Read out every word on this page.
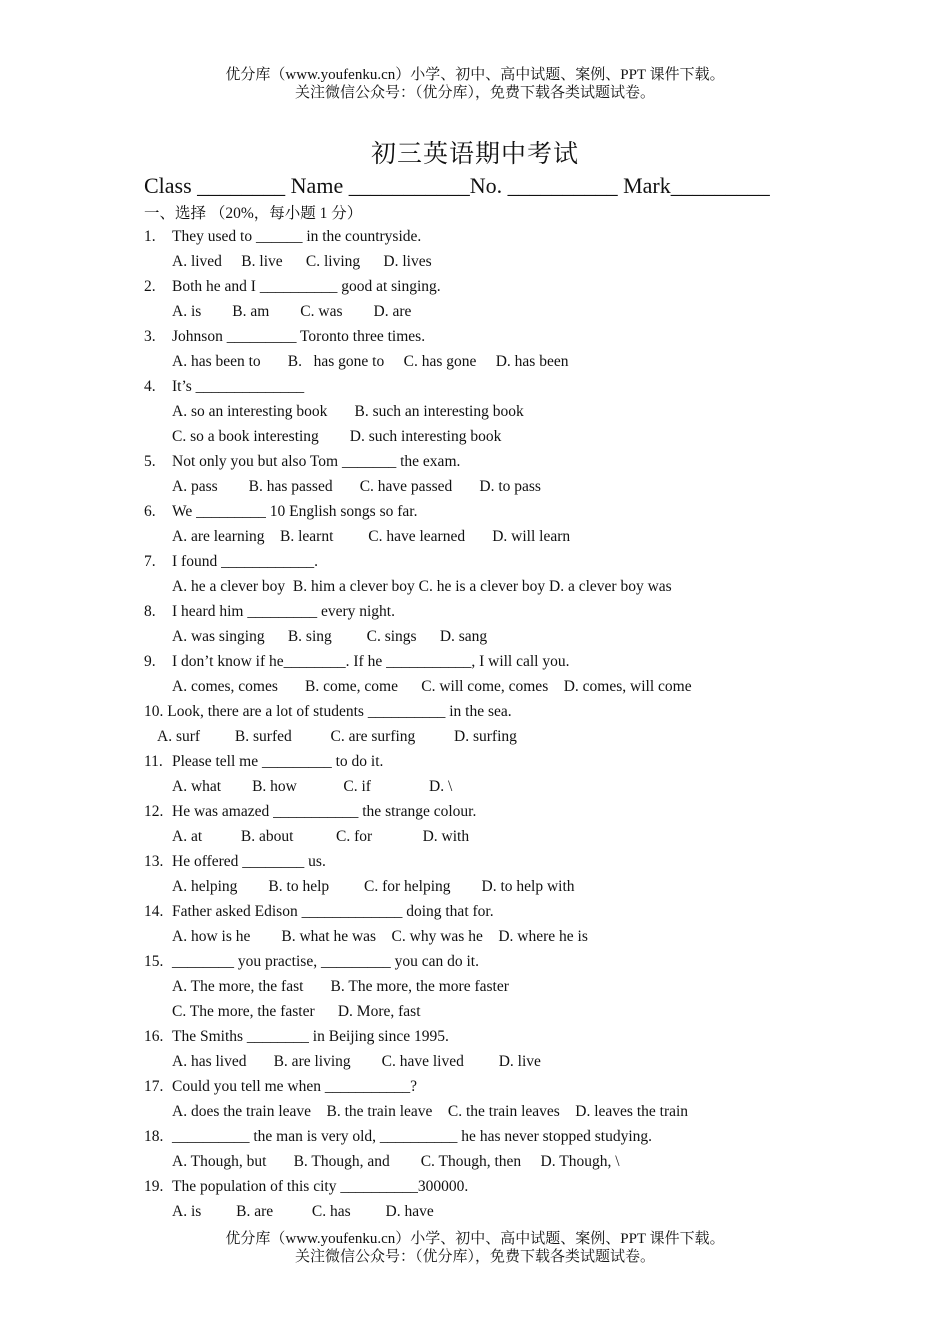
优分库（www.youfenku.cn）小学、初中、高中试题、案例、PPT 课件下载。
关注微信公众号：（优分库），免费下载各类试题试卷。
初三英语期中考试
Class ________ Name ___________No. __________ Mark_________
一、选择 （20%，每小题 1 分）
1. They used to ______ in the countryside.
A. lived     B. live      C. living      D. lives
2. Both he and I __________ good at singing.
A. is        B. am        C. was        D. are
3. Johnson _________ Toronto three times.
A. has been to       B.   has gone to     C. has gone     D. has been
4. It’s ______________
A. so an interesting book       B. such an interesting book
C. so a book interesting        D. such interesting book
5. Not only you but also Tom _______ the exam.
A. pass        B. has passed       C. have passed       D. to pass
6. We _________ 10 English songs so far.
A. are learning    B. learnt         C. have learned       D. will learn
7. I found ____________.
A. he a clever boy  B. him a clever boy C. he is a clever boy D. a clever boy was
8. I heard him _________ every night.
A. was singing      B. sing         C. sings      D. sang
9. I don’t know if he________. If he ___________, I will call you.
A. comes, comes       B. come, come      C. will come, comes    D. comes, will come
10. Look, there are a lot of students __________ in the sea.
A. surf         B. surfed          C. are surfing          D. surfing
11. Please tell me _________ to do it.
A. what        B. how            C. if               D. \
12. He was amazed ___________ the strange colour.
A. at          B. about           C. for             D. with
13. He offered ________ us.
A. helping        B. to help         C. for helping        D. to help with
14. Father asked Edison _____________ doing that for.
A. how is he        B. what he was    C. why was he    D. where he is
15. ________ you practise, _________ you can do it.
A. The more, the fast       B. The more, the more faster
C. The more, the faster      D. More, fast
16. The Smiths ________ in Beijing since 1995.
A. has lived       B. are living        C. have lived         D. live
17. Could you tell me when ___________?
A. does the train leave    B. the train leave    C. the train leaves    D. leaves the train
18. __________ the man is very old, __________ he has never stopped studying.
A. Though, but       B. Though, and        C. Though, then     D. Though, \
19. The population of this city __________300000.
A. is         B. are          C. has         D. have
优分库（www.youfenku.cn）小学、初中、高中试题、案例、PPT 课件下载。
关注微信公众号：（优分库），免费下载各类试题试卷。
